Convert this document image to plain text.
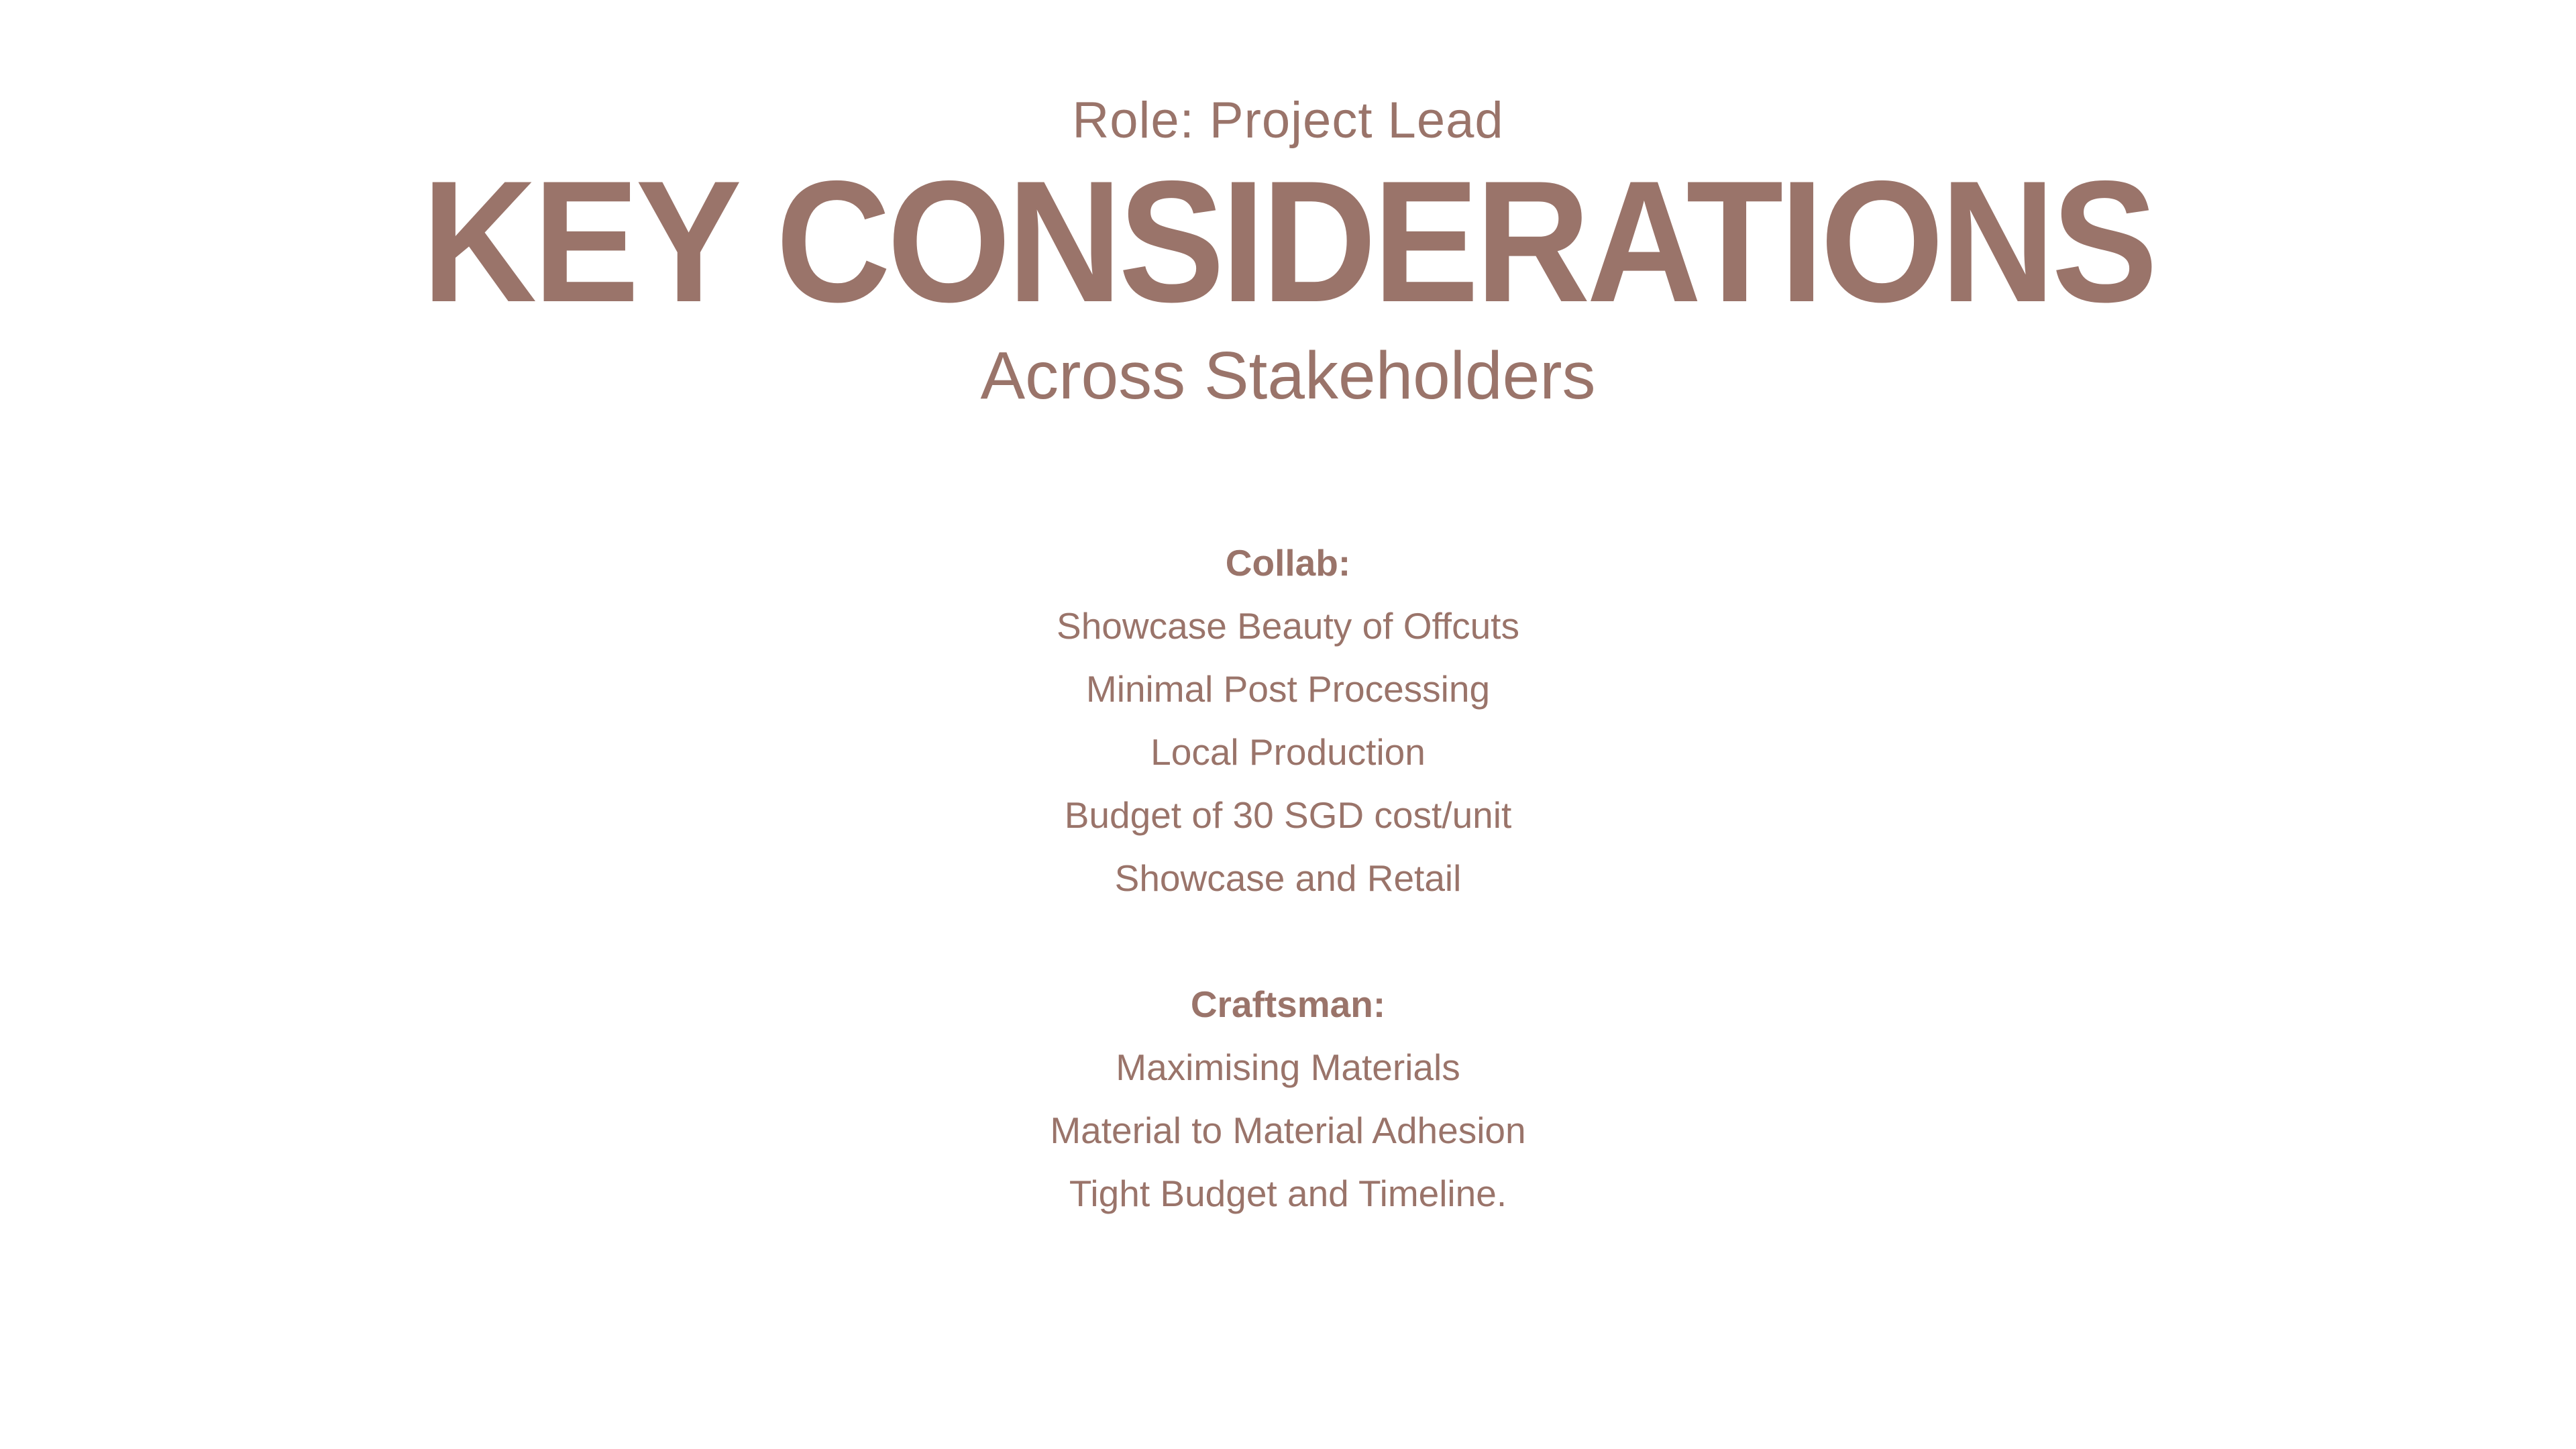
Role: Project Lead
KEY CONSIDERATIONS
Across Stakeholders
Collab:
Showcase Beauty of Offcuts
Minimal Post Processing
Local Production
Budget of 30 SGD cost/unit
Showcase and Retail
Craftsman:
Maximising Materials
Material to Material Adhesion
Tight Budget and Timeline.
